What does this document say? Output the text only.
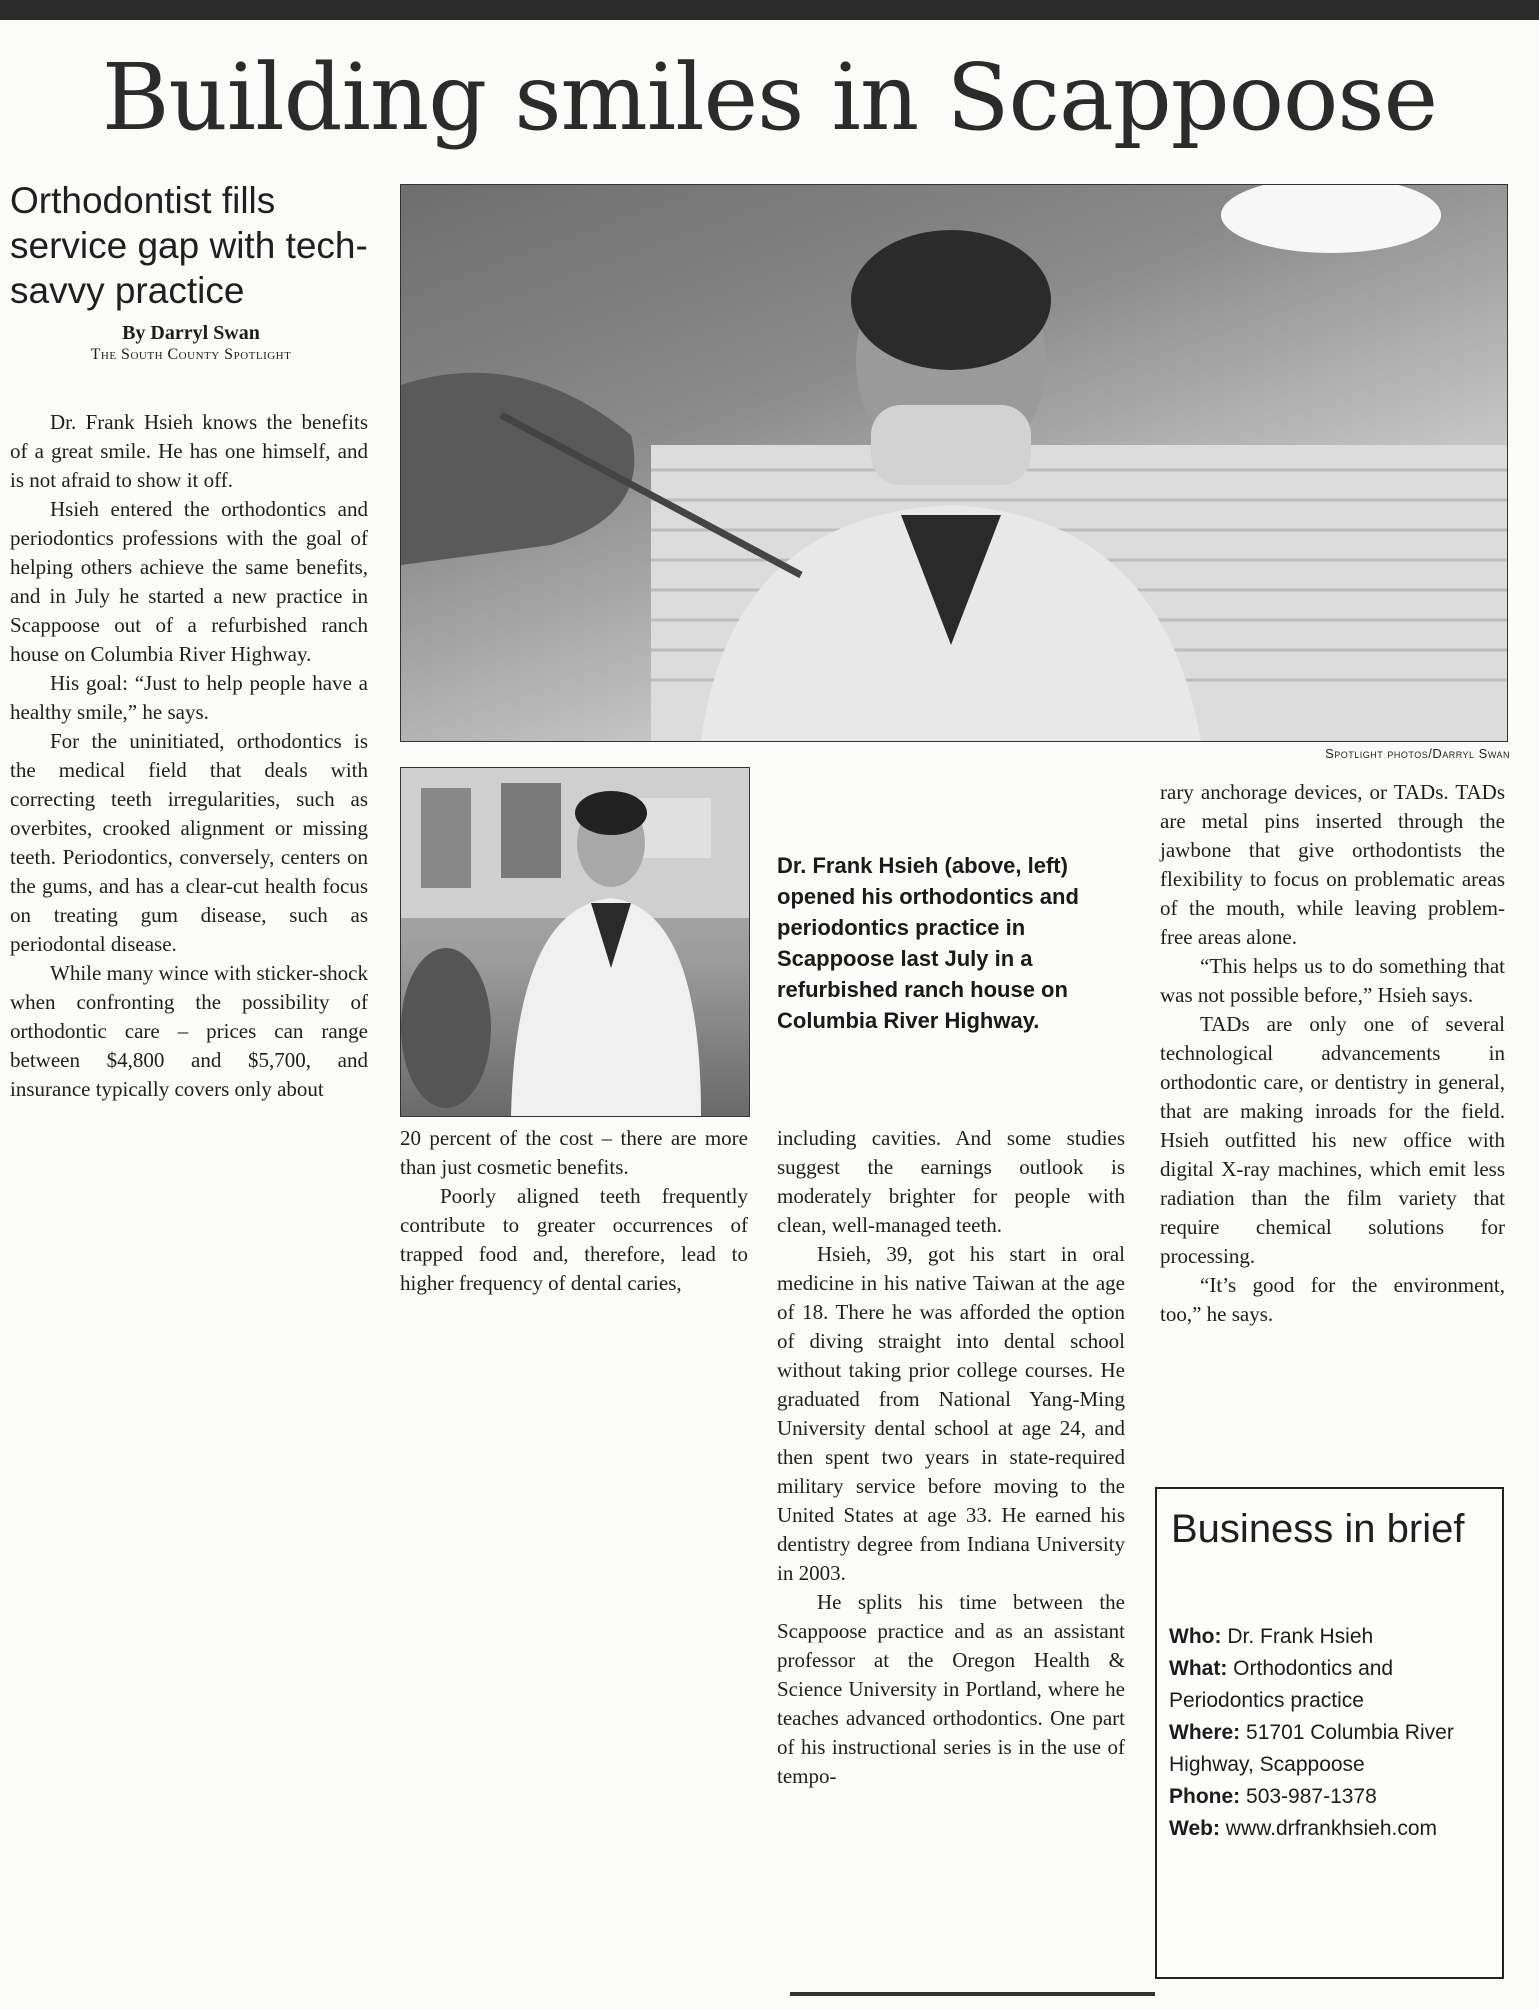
Building smiles in Scappoose
Orthodontist fills service gap with tech-savvy practice
By Darryl Swan
The South County Spotlight

Dr. Frank Hsieh knows the benefits of a great smile. He has one himself, and is not afraid to show it off.

Hsieh entered the orthodontics and periodontics professions with the goal of helping others achieve the same benefits, and in July he started a new practice in Scappoose out of a refurbished ranch house on Columbia River Highway.

His goal: “Just to help people have a healthy smile,” he says.

For the uninitiated, orthodontics is the medical field that deals with correcting teeth irregularities, such as overbites, crooked alignment or missing teeth. Periodontics, conversely, centers on the gums, and has a clear-cut health focus on treating gum disease, such as periodontal disease.

While many wince with sticker-shock when confronting the possibility of orthodontic care – prices can range between $4,800 and $5,700, and insurance typically covers only about

Spotlight photos/Darryl Swan
Dr. Frank Hsieh (above, left) opened his orthodontics and periodontics practice in Scappoose last July in a refurbished ranch house on Columbia River Highway.

20 percent of the cost – there are more than just cosmetic benefits.

Poorly aligned teeth frequently contribute to greater occurrences of trapped food and, therefore, lead to higher frequency of dental caries,

including cavities. And some studies suggest the earnings outlook is moderately brighter for people with clean, well-managed teeth.

Hsieh, 39, got his start in oral medicine in his native Taiwan at the age of 18. There he was afforded the option of diving straight into dental school without taking prior college courses. He graduated from National Yang-Ming University dental school at age 24, and then spent two years in state-required military service before moving to the United States at age 33. He earned his dentistry degree from Indiana University in 2003.

He splits his time between the Scappoose practice and as an assistant professor at the Oregon Health & Science University in Portland, where he teaches advanced orthodontics. One part of his instructional series is in the use of tempo-

rary anchorage devices, or TADs. TADs are metal pins inserted through the jawbone that give orthodontists the flexibility to focus on problematic areas of the mouth, while leaving problem-free areas alone.

“This helps us to do something that was not possible before,” Hsieh says.

TADs are only one of several technological advancements in orthodontic care, or dentistry in general, that are making inroads for the field. Hsieh outfitted his new office with digital X-ray machines, which emit less radiation than the film variety that require chemical solutions for processing.

“It’s good for the environment, too,” he says.

Business in brief
Who: Dr. Frank Hsieh
What: Orthodontics and Periodontics practice
Where: 51701 Columbia River Highway, Scappoose
Phone: 503-987-1378
Web: www.drfrankhsieh.com
